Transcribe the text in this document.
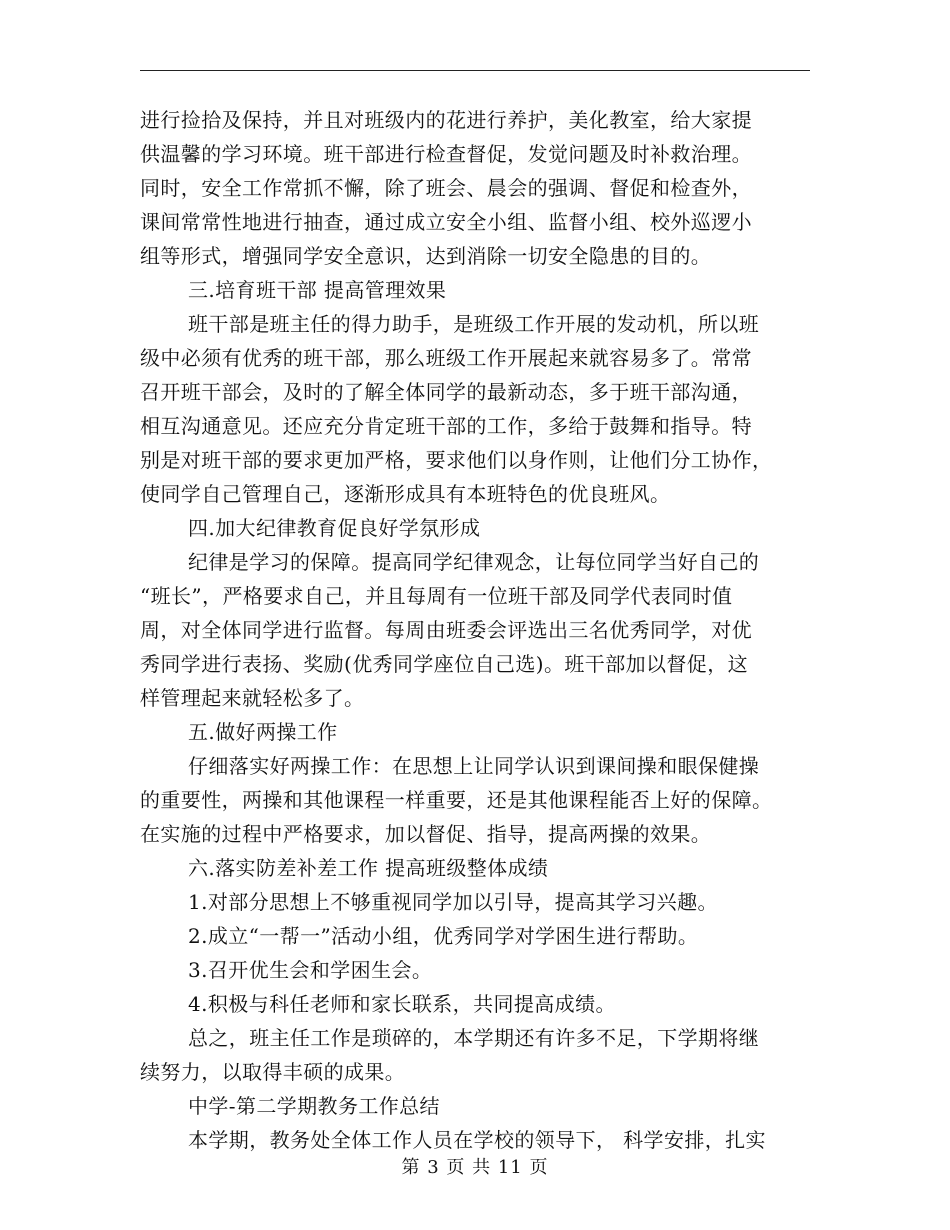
进行捡拾及保持，并且对班级内的花进行养护，美化教室，给大家提
供温馨的学习环境。班干部进行检查督促，发觉问题及时补救治理。
同时，安全工作常抓不懈，除了班会、晨会的强调、督促和检查外，
课间常常性地进行抽查，通过成立安全小组、监督小组、校外巡逻小
组等形式，增强同学安全意识，达到消除一切安全隐患的目的。
三.培育班干部 提高管理效果
班干部是班主任的得力助手，是班级工作开展的发动机，所以班
级中必须有优秀的班干部，那么班级工作开展起来就容易多了。常常
召开班干部会，及时的了解全体同学的最新动态，多于班干部沟通，
相互沟通意见。还应充分肯定班干部的工作，多给于鼓舞和指导。特
别是对班干部的要求更加严格，要求他们以身作则，让他们分工协作，
使同学自己管理自己，逐渐形成具有本班特色的优良班风。
四.加大纪律教育促良好学氛形成
纪律是学习的保障。提高同学纪律观念，让每位同学当好自己的
“班长”，严格要求自己，并且每周有一位班干部及同学代表同时值
周，对全体同学进行监督。每周由班委会评选出三名优秀同学，对优
秀同学进行表扬、奖励(优秀同学座位自己选)。班干部加以督促，这
样管理起来就轻松多了。
五.做好两操工作
仔细落实好两操工作：在思想上让同学认识到课间操和眼保健操
的重要性，两操和其他课程一样重要，还是其他课程能否上好的保障。
在实施的过程中严格要求，加以督促、指导，提高两操的效果。
六.落实防差补差工作 提高班级整体成绩
1.对部分思想上不够重视同学加以引导，提高其学习兴趣。
2.成立“一帮一”活动小组，优秀同学对学困生进行帮助。
3.召开优生会和学困生会。
4.积极与科任老师和家长联系，共同提高成绩。
总之，班主任工作是琐碎的，本学期还有许多不足，下学期将继
续努力，以取得丰硕的成果。
中学-第二学期教务工作总结
本学期，教务处全体工作人员在学校的领导下， 科学安排，扎实
第 3 页 共 11 页
